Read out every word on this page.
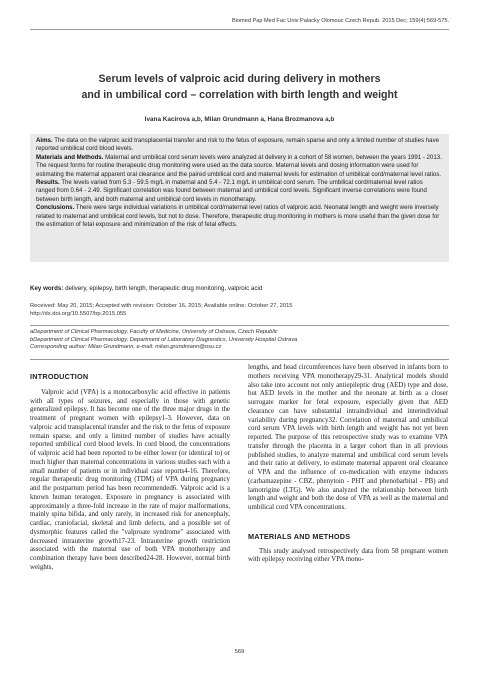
Biomed Pap Med Fac Univ Palacky Olomouc Czech Repub. 2015 Dec; 159(4):569-575.
Serum levels of valproic acid during delivery in mothers
and in umbilical cord – correlation with birth length and weight
Ivana Kacirova a,b, Milan Grundmann a, Hana Brozmanova a,b

Aims. The data on the valproic acid transplacental transfer and risk to the fetus of exposure, remain sparse and only a limited number of studies have reported umbilical cord blood levels.

Materials and Methods. Maternal and umbilical cord serum levels were analyzed at delivery in a cohort of 58 women, between the years 1991 - 2013. The request forms for routine therapeutic drug monitoring were used as the data source. Maternal levels and dosing information were used for estimating the maternal apparent oral clearance and the paired umbilical cord and maternal levels for estimation of umbilical cord/maternal level ratios.

Results. The levels varied from 5.3 - 59.5 mg/L in maternal and 5.4 - 72.1 mg/L in umbilical cord serum. The umbilical cord/maternal level ratios ranged from 0.64 - 2.49. Significant correlation was found between maternal and umbilical cord levels. Significant inverse correlations were found between birth length, and both maternal and umbilical cord levels in monotherapy.

Conclusions. There were large individual variations in umbilical cord/maternal level ratios of valproic acid. Neonatal length and weight were inversely related to maternal and umbilical cord levels, but not to dose. Therefore, therapeutic drug monitoring in mothers is more useful than the given dose for the estimation of fetal exposure and minimization of the risk of fetal effects.

Key words: delivery, epilepsy, birth length, therapeutic drug monitoring, valproic acid
Received: May 20, 2015; Accepted with revision: October 16, 2015; Available online: October 27, 2015
http://dx.doi.org/10.5507/bp.2015.055
aDepartment of Clinical Pharmacology, Faculty of Medicine, University of Ostrava, Czech Republic
bDepartment of Clinical Pharmacology, Department of Laboratory Diagnostics, University Hospital Ostrava
Corresponding author: Milan Grundmann, e-mail: milan.grundmann@osu.cz
INTRODUCTION

Valproic acid (VPA) is a monocarboxylic acid effective in patients with all types of seizures, and especially in those with genetic generalized epilepsy. It has become one of the three major drugs in the treatment of pregnant women with epilepsy1-3. However, data on valproic acid transplacental transfer and the risk to the fetus of exposure remain sparse, and only a limited number of studies have actually reported umbilical cord blood levels. In cord blood, the concentrations of valproic acid had been reported to be either lower (or identical to) or much higher than maternal concentrations in various studies each with a small number of patients or in individual case reports4-16. Therefore, regular therapeutic drug monitoring (TDM) of VPA during pregnancy and the postpartum period has been recommended6. Valproic acid is a known human teratogen. Exposure in pregnancy is associated with approximately a three-fold increase in the rate of major malformations, mainly spina bifida, and only rarely, in increased risk for anencephaly, cardiac, craniofacial, skeletal and limb defects, and a possible set of dysmorphic features called the "valproate syndrome" associated with decreased intrauterine growth17-23. Intrauterine growth restriction associated with the maternal use of both VPA monotherapy and combination therapy have been described24-28. However, normal birth weights,

lengths, and head circumferences have been observed in infants born to mothers receiving VPA monotherapy29-31. Analytical models should also take into account not only antiepileptic drug (AED) type and dose, but AED levels in the mother and the neonate at birth as a closer surrogate marker for fetal exposure, especially given that AED clearance can have substantial intraindividual and interindividual variability during pregnancy32. Correlation of maternal and umbilical cord serum VPA levels with birth length and weight has not yet been reported. The purpose of this retrospective study was to examine VPA transfer through the placenta in a larger cohort than in all previous published studies, to analyze maternal and umbilical cord serum levels and their ratio at delivery, to estimate maternal apparent oral clearance of VPA and the influence of co-medication with enzyme inducers (carbamazepine - CBZ, phenytoin - PHT and phenobarbital - PB) and lamotrigine (LTG). We also analyzed the relationship between birth length and weight and both the dose of VPA as well as the maternal and umbilical cord VPA concentrations.

MATERIALS AND METHODS

This study analysed retrospectively data from 58 pregnant women with epilepsy receiving either VPA mono-

569
